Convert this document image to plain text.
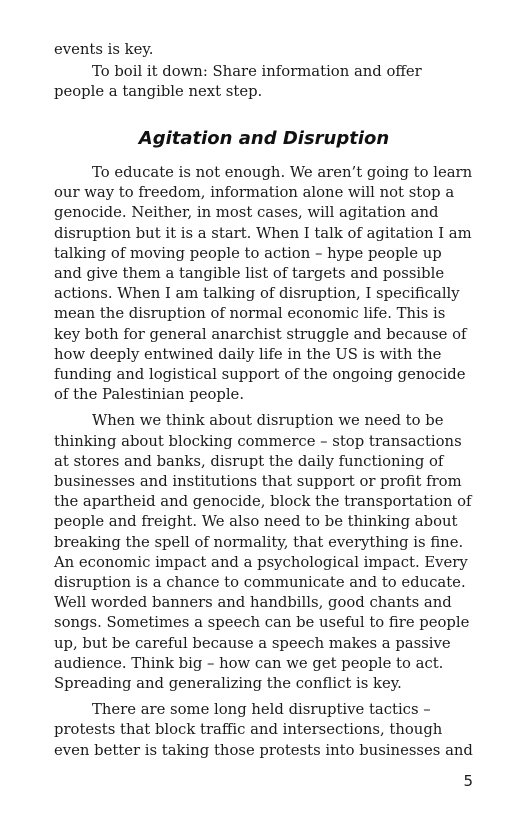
events is key.

To boil it down: Share information and offer people a tangible next step.

Agitation and Disruption

To educate is not enough. We aren’t going to learn our way to freedom, information alone will not stop a genocide. Neither, in most cases, will agitation and disruption but it is a start. When I talk of agitation I am talking of moving people to action – hype people up and give them a tangible list of targets and possible actions. When I am talking of disruption, I specifically mean the disruption of normal economic life. This is key both for general anarchist struggle and because of how deeply entwined daily life in the US is with the funding and logistical support of the ongoing genocide of the Palestinian people.

When we think about disruption we need to be thinking about blocking commerce – stop transactions at stores and banks, disrupt the daily functioning of businesses and institutions that support or profit from the apartheid and genocide, block the transportation of people and freight. We also need to be thinking about breaking the spell of normality, that everything is fine. An economic impact and a psychological impact. Every disruption is a chance to communicate and to educate. Well worded banners and handbills, good chants and songs. Sometimes a speech can be useful to fire people up, but be careful because a speech makes a passive audience. Think big – how can we get people to act. Spreading and generalizing the conflict is key.

There are some long held disruptive tactics – protests that block traffic and intersections, though even better is taking those protests into businesses and

5
